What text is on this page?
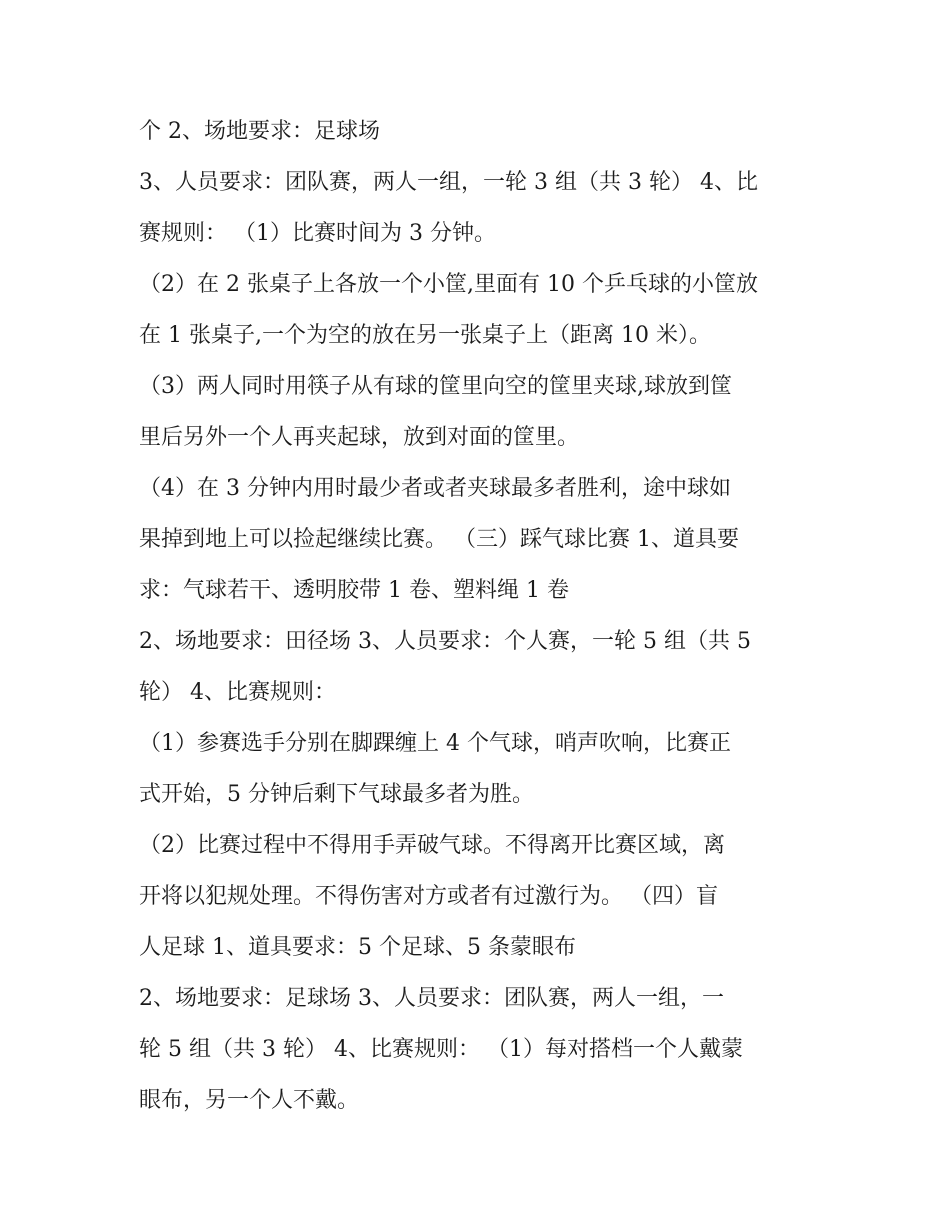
个 2、场地要求：足球场
3、人员要求：团队赛，两人一组，一轮 3 组（共 3 轮） 4、比
赛规则： （1）比赛时间为 3 分钟。
（2）在 2 张桌子上各放一个小筐,里面有 10 个乒乓球的小筐放
在 1 张桌子,一个为空的放在另一张桌子上（距离 10 米）。
（3）两人同时用筷子从有球的筐里向空的筐里夹球,球放到筐
里后另外一个人再夹起球，放到对面的筐里。
（4）在 3 分钟内用时最少者或者夹球最多者胜利，途中球如
果掉到地上可以捡起继续比赛。 （三）踩气球比赛 1、道具要
求：气球若干、透明胶带 1 卷、塑料绳 1 卷
2、场地要求：田径场 3、人员要求：个人赛，一轮 5 组（共 5
轮） 4、比赛规则：
（1）参赛选手分别在脚踝缠上 4 个气球，哨声吹响，比赛正
式开始，5 分钟后剩下气球最多者为胜。
（2）比赛过程中不得用手弄破气球。不得离开比赛区域，离
开将以犯规处理。不得伤害对方或者有过激行为。 （四）盲
人足球 1、道具要求：5 个足球、5 条蒙眼布
2、场地要求：足球场 3、人员要求：团队赛，两人一组，一
轮 5 组（共 3 轮） 4、比赛规则： （1）每对搭档一个人戴蒙
眼布，另一个人不戴。
